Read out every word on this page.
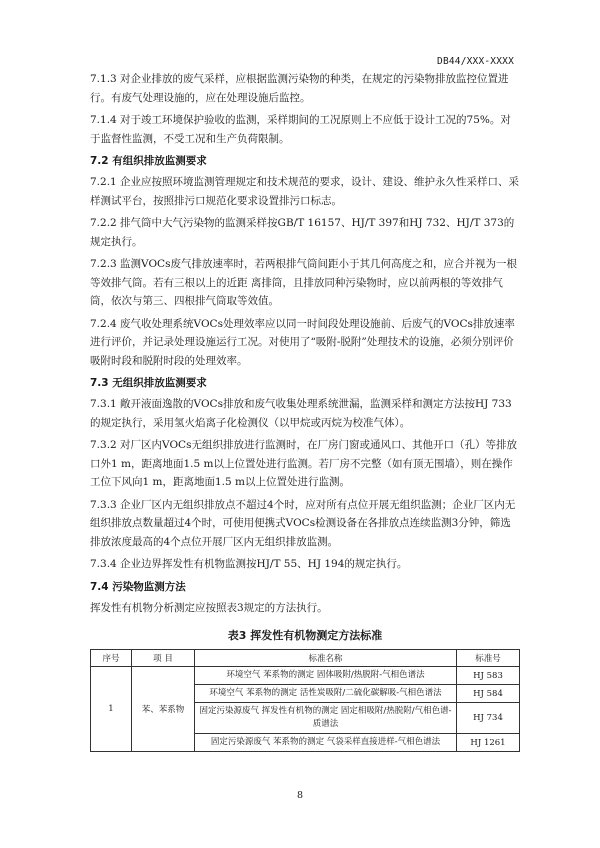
DB44/XXX-XXXX

7.1.3 对企业排放的废气采样，应根据监测污染物的种类，在规定的污染物排放监控位置进行。有废气处理设施的，应在处理设施后监控。

7.1.4 对于竣工环境保护验收的监测，采样期间的工况原则上不应低于设计工况的75%。对于监督性监测，不受工况和生产负荷限制。

7.2 有组织排放监测要求

7.2.1 企业应按照环境监测管理规定和技术规范的要求，设计、建设、维护永久性采样口、采样测试平台，按照排污口规范化要求设置排污口标志。

7.2.2 排气筒中大气污染物的监测采样按GB/T 16157、HJ/T 397和HJ 732、HJ/T 373的规定执行。

7.2.3 监测VOCs废气排放速率时，若两根排气筒间距小于其几何高度之和，应合并视为一根等效排气筒。若有三根以上的近距 离排筒，且排放同种污染物时，应以前两根的等效排气筒，依次与第三、四根排气筒取等效值。

7.2.4 废气收处理系统VOCs处理效率应以同一时间段处理设施前、后废气的VOCs排放速率进行评价，并记录处理设施运行工况。对使用了“吸附-脱附”处理技术的设施，必须分别评价吸附时段和脱附时段的处理效率。

7.3 无组织排放监测要求

7.3.1 敞开液面逸散的VOCs排放和废气收集处理系统泄漏，监测采样和测定方法按HJ 733的规定执行，采用氢火焰离子化检测仪（以甲烷或丙烷为校准气体）。

7.3.2 对厂区内VOCs无组织排放进行监测时，在厂房门窗或通风口、其他开口（孔）等排放口外1 m，距离地面1.5 m以上位置处进行监测。若厂房不完整（如有顶无围墙），则在操作工位下风向1 m，距离地面1.5 m以上位置处进行监测。

7.3.3 企业厂区内无组织排放点不超过4个时，应对所有点位开展无组织监测；企业厂区内无组织排放点数量超过4个时，可使用便携式VOCs检测设备在各排放点连续监测3分钟，筛选排放浓度最高的4个点位开展厂区内无组织排放监测。

7.3.4 企业边界挥发性有机物监测按HJ/T 55、HJ 194的规定执行。

7.4 污染物监测方法

挥发性有机物分析测定应按照表3规定的方法执行。

表3 挥发性有机物测定方法标准
序号	项 目	标准名称	标准号
1	苯、苯系物	环境空气 苯系物的测定 固体吸附/热脱附-气相色谱法	HJ 583
		环境空气 苯系物的测定 活性炭吸附/二硫化碳解吸-气相色谱法	HJ 584
		固定污染源废气 挥发性有机物的测定 固定相吸附/热脱附/气相色谱-质谱法	HJ 734
		固定污染源废气 苯系物的测定 气袋采样直接进样-气相色谱法	HJ 1261
8
